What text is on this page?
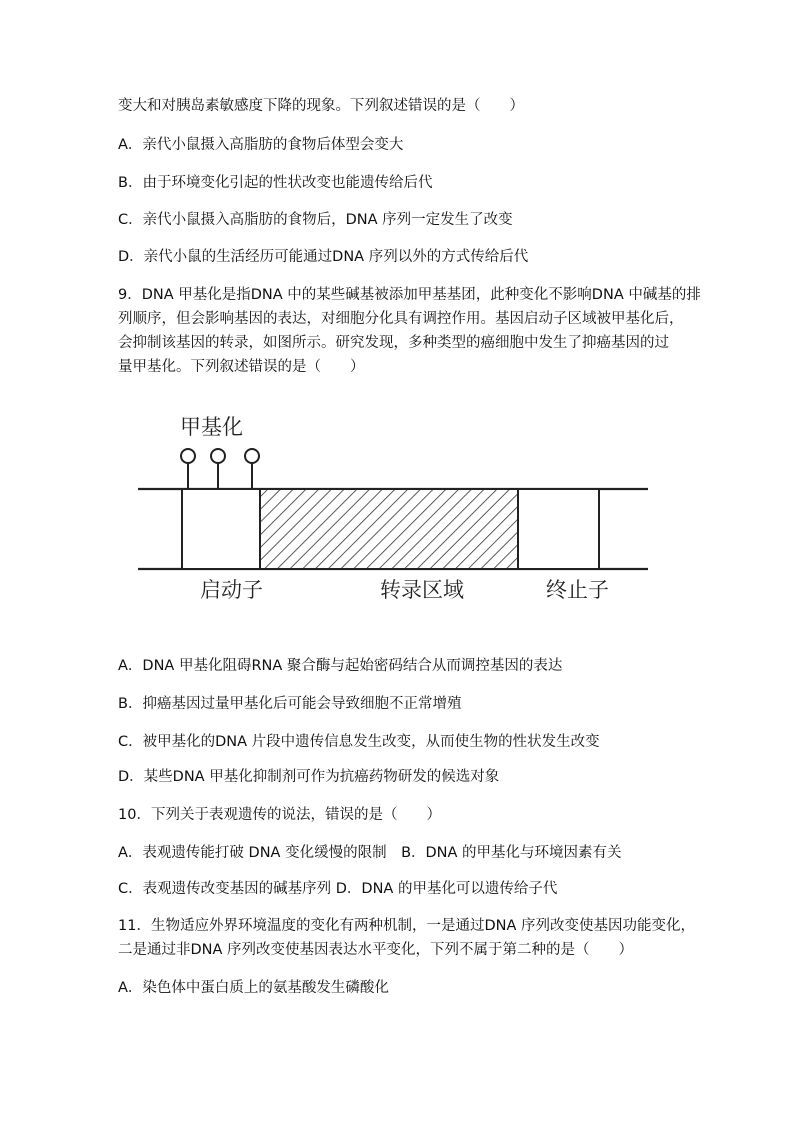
变大和对胰岛素敏感度下降的现象。下列叙述错误的是（　　）
A．亲代小鼠摄入高脂肪的食物后体型会变大
B．由于环境变化引起的性状改变也能遗传给后代
C．亲代小鼠摄入高脂肪的食物后，DNA 序列一定发生了改变
D．亲代小鼠的生活经历可能通过DNA 序列以外的方式传给后代
9．DNA 甲基化是指DNA 中的某些碱基被添加甲基基团，此种变化不影响DNA 中碱基的排
列顺序，但会影响基因的表达，对细胞分化具有调控作用。基因启动子区域被甲基化后，
会抑制该基因的转录，如图所示。研究发现，多种类型的癌细胞中发生了抑癌基因的过
量甲基化。下列叙述错误的是（　　）
甲基化
启动子	转录区域	终止子
A．DNA 甲基化阻碍RNA 聚合酶与起始密码结合从而调控基因的表达
B．抑癌基因过量甲基化后可能会导致细胞不正常增殖
C．被甲基化的DNA 片段中遗传信息发生改变，从而使生物的性状发生改变
D．某些DNA 甲基化抑制剂可作为抗癌药物研发的候选对象
10．下列关于表观遗传的说法，错误的是（　　）
A．表观遗传能打破 DNA 变化缓慢的限制　B．DNA 的甲基化与环境因素有关
C．表观遗传改变基因的碱基序列 D．DNA 的甲基化可以遗传给子代
11．生物适应外界环境温度的变化有两种机制，一是通过DNA 序列改变使基因功能变化，
二是通过非DNA 序列改变使基因表达水平变化，下列不属于第二种的是（　　）
A．染色体中蛋白质上的氨基酸发生磷酸化
